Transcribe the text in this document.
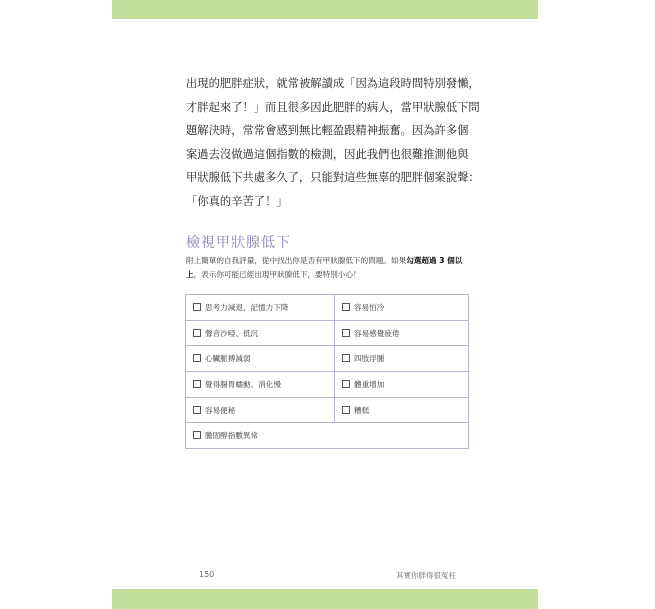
出現的肥胖症狀，就常被解讀成「因為這段時間特別發懶，

才胖起來了！」而且很多因此肥胖的病人，當甲狀腺低下問

題解決時，常常會感到無比輕盈跟精神振奮。因為許多個

案過去沒做過這個指數的檢測，因此我們也很難推測他與

甲狀腺低下共處多久了，只能對這些無辜的肥胖個案說聲：

「你真的辛苦了！」

檢視甲狀腺低下

附上簡單的自我評量，從中找出你是否有甲狀腺低下的問題。如果勾選超過 3 個以上，表示你可能已經出現甲狀腺低下，要特別小心！

思考力減退、記憶力下降	容易怕冷
聲音沙啞、低沉	容易感覺疲倦
心臟脈搏減弱	四肢浮腫
覺得腸胃蠕動、消化慢	體重增加
容易便秘	糟糕
膽固醇指數異常	
150	其實你胖得很冤枉
